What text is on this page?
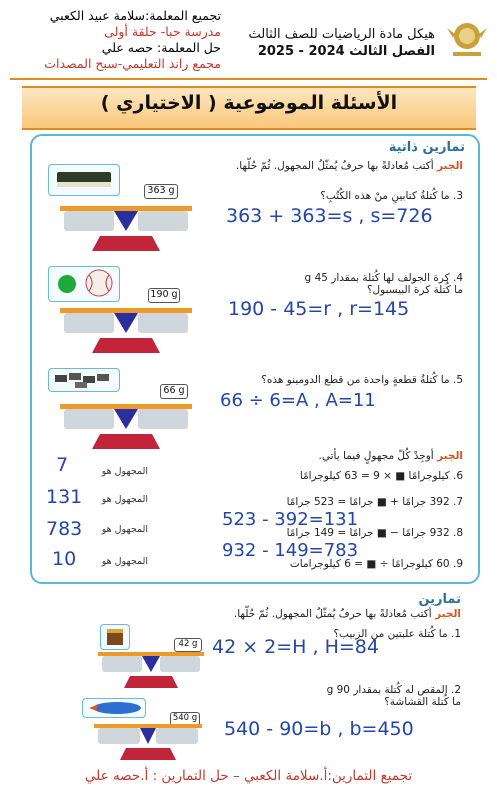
تجميع المعلمة:سلامة عبيد الكعبي
مدرسة حبا- حلقة أولى
حل المعلمة: حصه علي
مجمع راند التعليمي-سبح المصدات
هيكل مادة الرياضيات للصف الثالث
الفصل الثالث 2024 - 2025
الأسئلة الموضوعية ( الاختياري )
تمارين ذاتية
الجبر أكتب مُعادلةً بها حرفٌ يُمثّلُ المجهول. ثُمّ حُلّها.
363 g	3. ما كُتلةُ كتابينِ منْ هذه الكُتُبِ؟
363 + 363=s , s=726
190 g
4. كرة الجولف لها كُتلة بمقدار 45 g
ما كُتلة كرة البيسبول؟
190 - 45=r , r=145
66 g
5. ما كُتلةُ قطعةٍ واحدة من قطع الدومينو هذه؟
66 ÷ 6=A , A=11
الجبر أوجِدْ كُلّ مجهولٍ فيما يأتي.
6. كيلوجرامًا ■ × 9 = 63 كيلوجرامًا
المجهول هو
7
7. 392 جرامًا + ■ جرامًا = 523 جرامًا
المجهول هو
131
523 - 392=131
8. 932 جرامًا − ■ جرامًا = 149 جرامًا
المجهول هو
783
932 - 149=783
9. 60 كيلوجرامًا ÷ ■ = 6 كيلوجرامات
المجهول هو
10
تمارين
الجبر أكتب مُعادلةً بها حرفٌ يُمثّلُ المجهول. ثُمّ حُلّها.
42 g
1. ما كُتلة علبتين من الزبيب؟
42 × 2=H , H=84
540 g
2. المقص له كُتلة بمقدار 90 g
ما كُتلة القشاشة؟
540 - 90=b , b=450
تجميع التمارين:أ.سلامة الكعبي – حل التمارين : أ.حصه علي
